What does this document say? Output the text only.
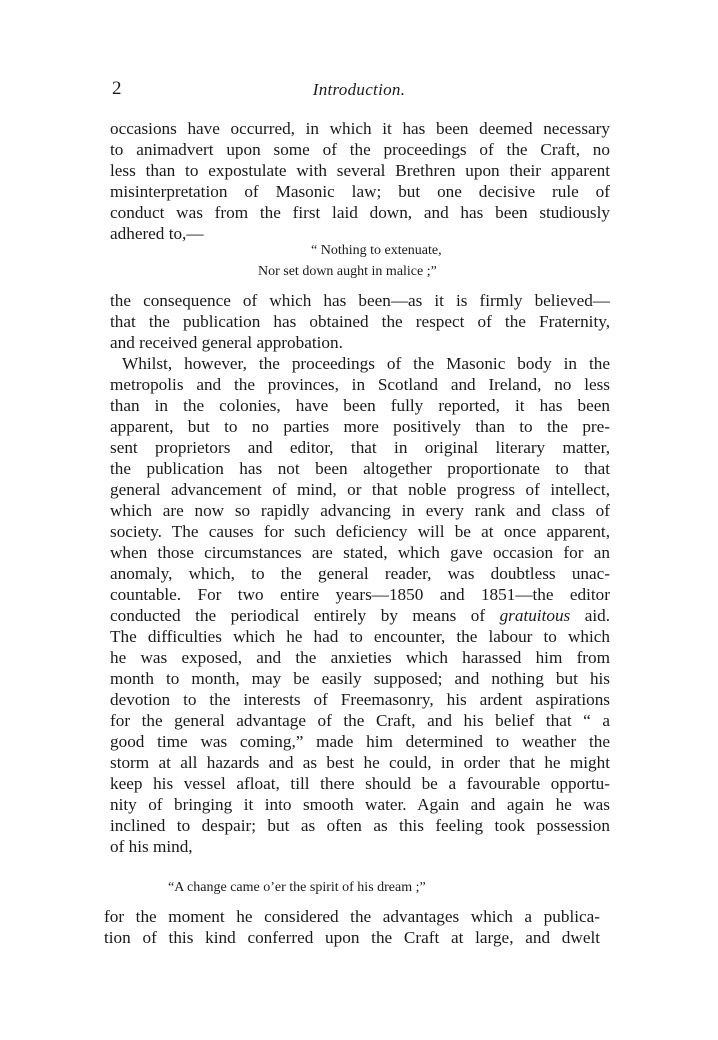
2	Introduction.
occasions have occurred, in which it has been deemed necessary
to animadvert upon some of the proceedings of the Craft, no
less than to expostulate with several Brethren upon their apparent
misinterpretation of Masonic law; but one decisive rule of
conduct was from the first laid down, and has been studiously
adhered to,—
“ Nothing to extenuate,
Nor set down aught in malice ;”
the consequence of which has been—as it is firmly believed—
that the publication has obtained the respect of the Fraternity,
and received general approbation.
Whilst, however, the proceedings of the Masonic body in the
metropolis and the provinces, in Scotland and Ireland, no less
than in the colonies, have been fully reported, it has been
apparent, but to no parties more positively than to the pre-
sent proprietors and editor, that in original literary matter,
the publication has not been altogether proportionate to that
general advancement of mind, or that noble progress of intellect,
which are now so rapidly advancing in every rank and class of
society. The causes for such deficiency will be at once apparent,
when those circumstances are stated, which gave occasion for an
anomaly, which, to the general reader, was doubtless unac-
countable. For two entire years—1850 and 1851—the editor
conducted the periodical entirely by means of gratuitous aid.
The difficulties which he had to encounter, the labour to which
he was exposed, and the anxieties which harassed him from
month to month, may be easily supposed; and nothing but his
devotion to the interests of Freemasonry, his ardent aspirations
for the general advantage of the Craft, and his belief that “ a
good time was coming,” made him determined to weather the
storm at all hazards and as best he could, in order that he might
keep his vessel afloat, till there should be a favourable opportu-
nity of bringing it into smooth water. Again and again he was
inclined to despair; but as often as this feeling took possession
of his mind,
“A change came o’er the spirit of his dream ;”
for the moment he considered the advantages which a publica-
tion of this kind conferred upon the Craft at large, and dwelt
